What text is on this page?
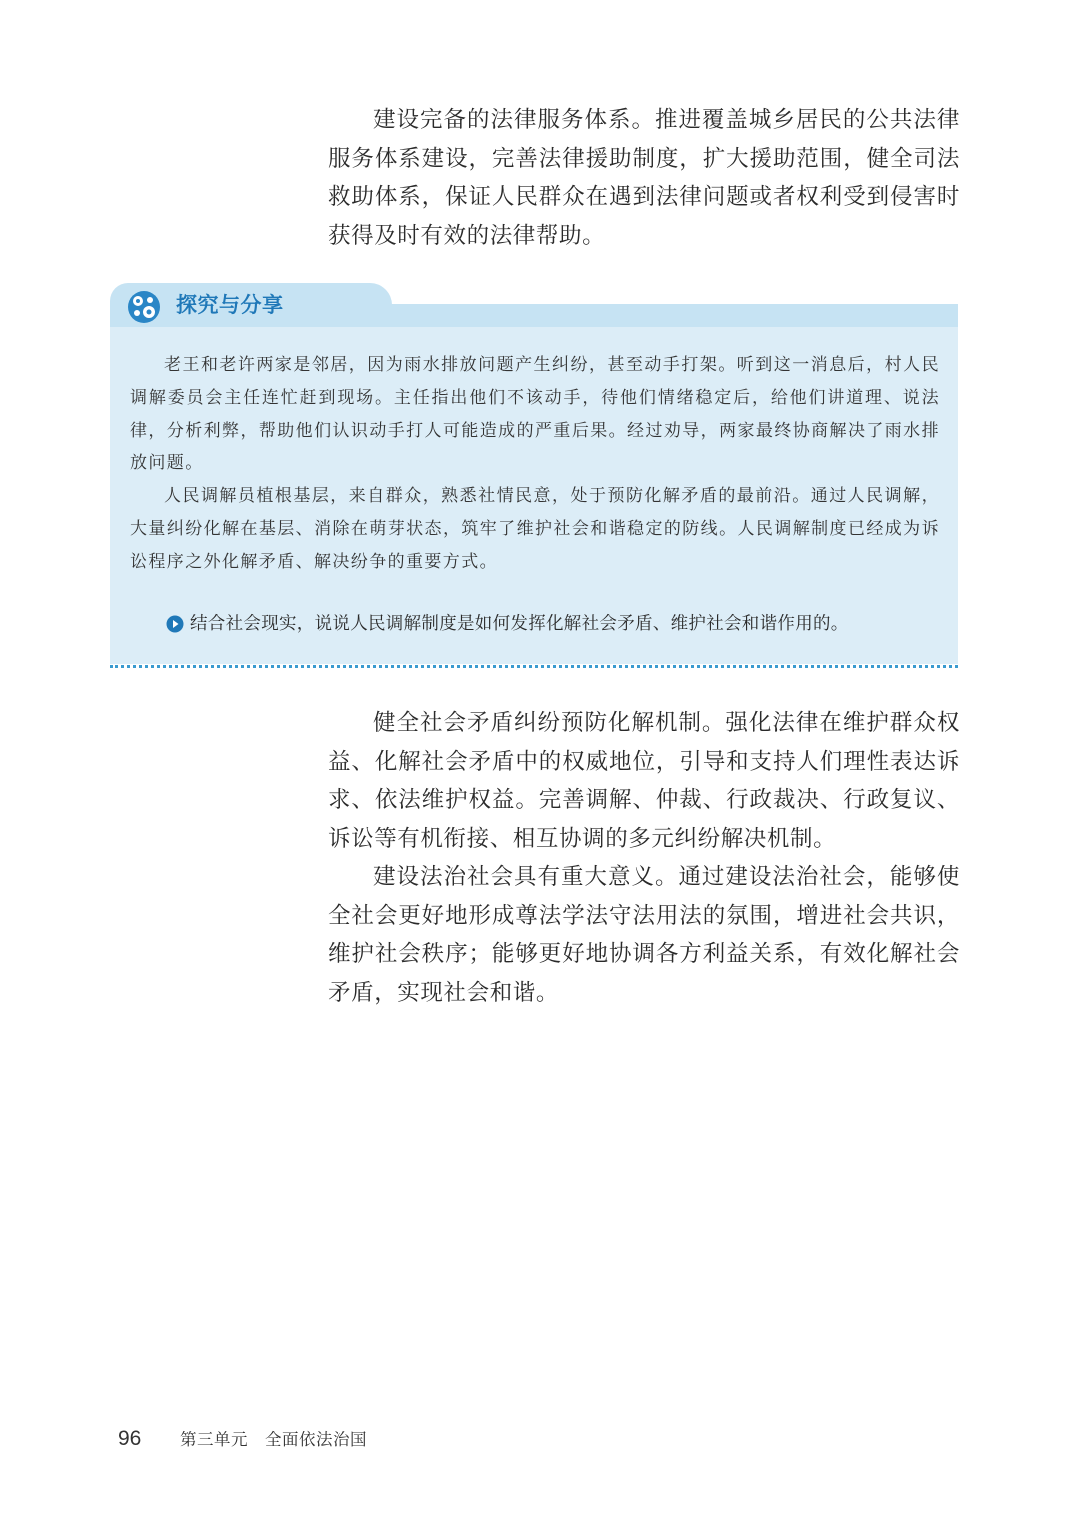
建设完备的法律服务体系。推进覆盖城乡居民的公共法律服务体系建设，完善法律援助制度，扩大援助范围，健全司法救助体系，保证人民群众在遇到法律问题或者权利受到侵害时获得及时有效的法律帮助。

探究与分享

老王和老许两家是邻居，因为雨水排放问题产生纠纷，甚至动手打架。听到这一消息后，村人民调解委员会主任连忙赶到现场。主任指出他们不该动手，待他们情绪稳定后，给他们讲道理、说法律，分析利弊，帮助他们认识动手打人可能造成的严重后果。经过劝导，两家最终协商解决了雨水排放问题。

人民调解员植根基层，来自群众，熟悉社情民意，处于预防化解矛盾的最前沿。通过人民调解，大量纠纷化解在基层、消除在萌芽状态，筑牢了维护社会和谐稳定的防线。人民调解制度已经成为诉讼程序之外化解矛盾、解决纷争的重要方式。

结合社会现实，说说人民调解制度是如何发挥化解社会矛盾、维护社会和谐作用的。

健全社会矛盾纠纷预防化解机制。强化法律在维护群众权益、化解社会矛盾中的权威地位，引导和支持人们理性表达诉求、依法维护权益。完善调解、仲裁、行政裁决、行政复议、诉讼等有机衔接、相互协调的多元纠纷解决机制。

建设法治社会具有重大意义。通过建设法治社会，能够使全社会更好地形成尊法学法守法用法的氛围，增进社会共识，维护社会秩序；能够更好地协调各方利益关系，有效化解社会矛盾，实现社会和谐。

96 第三单元　全面依法治国
